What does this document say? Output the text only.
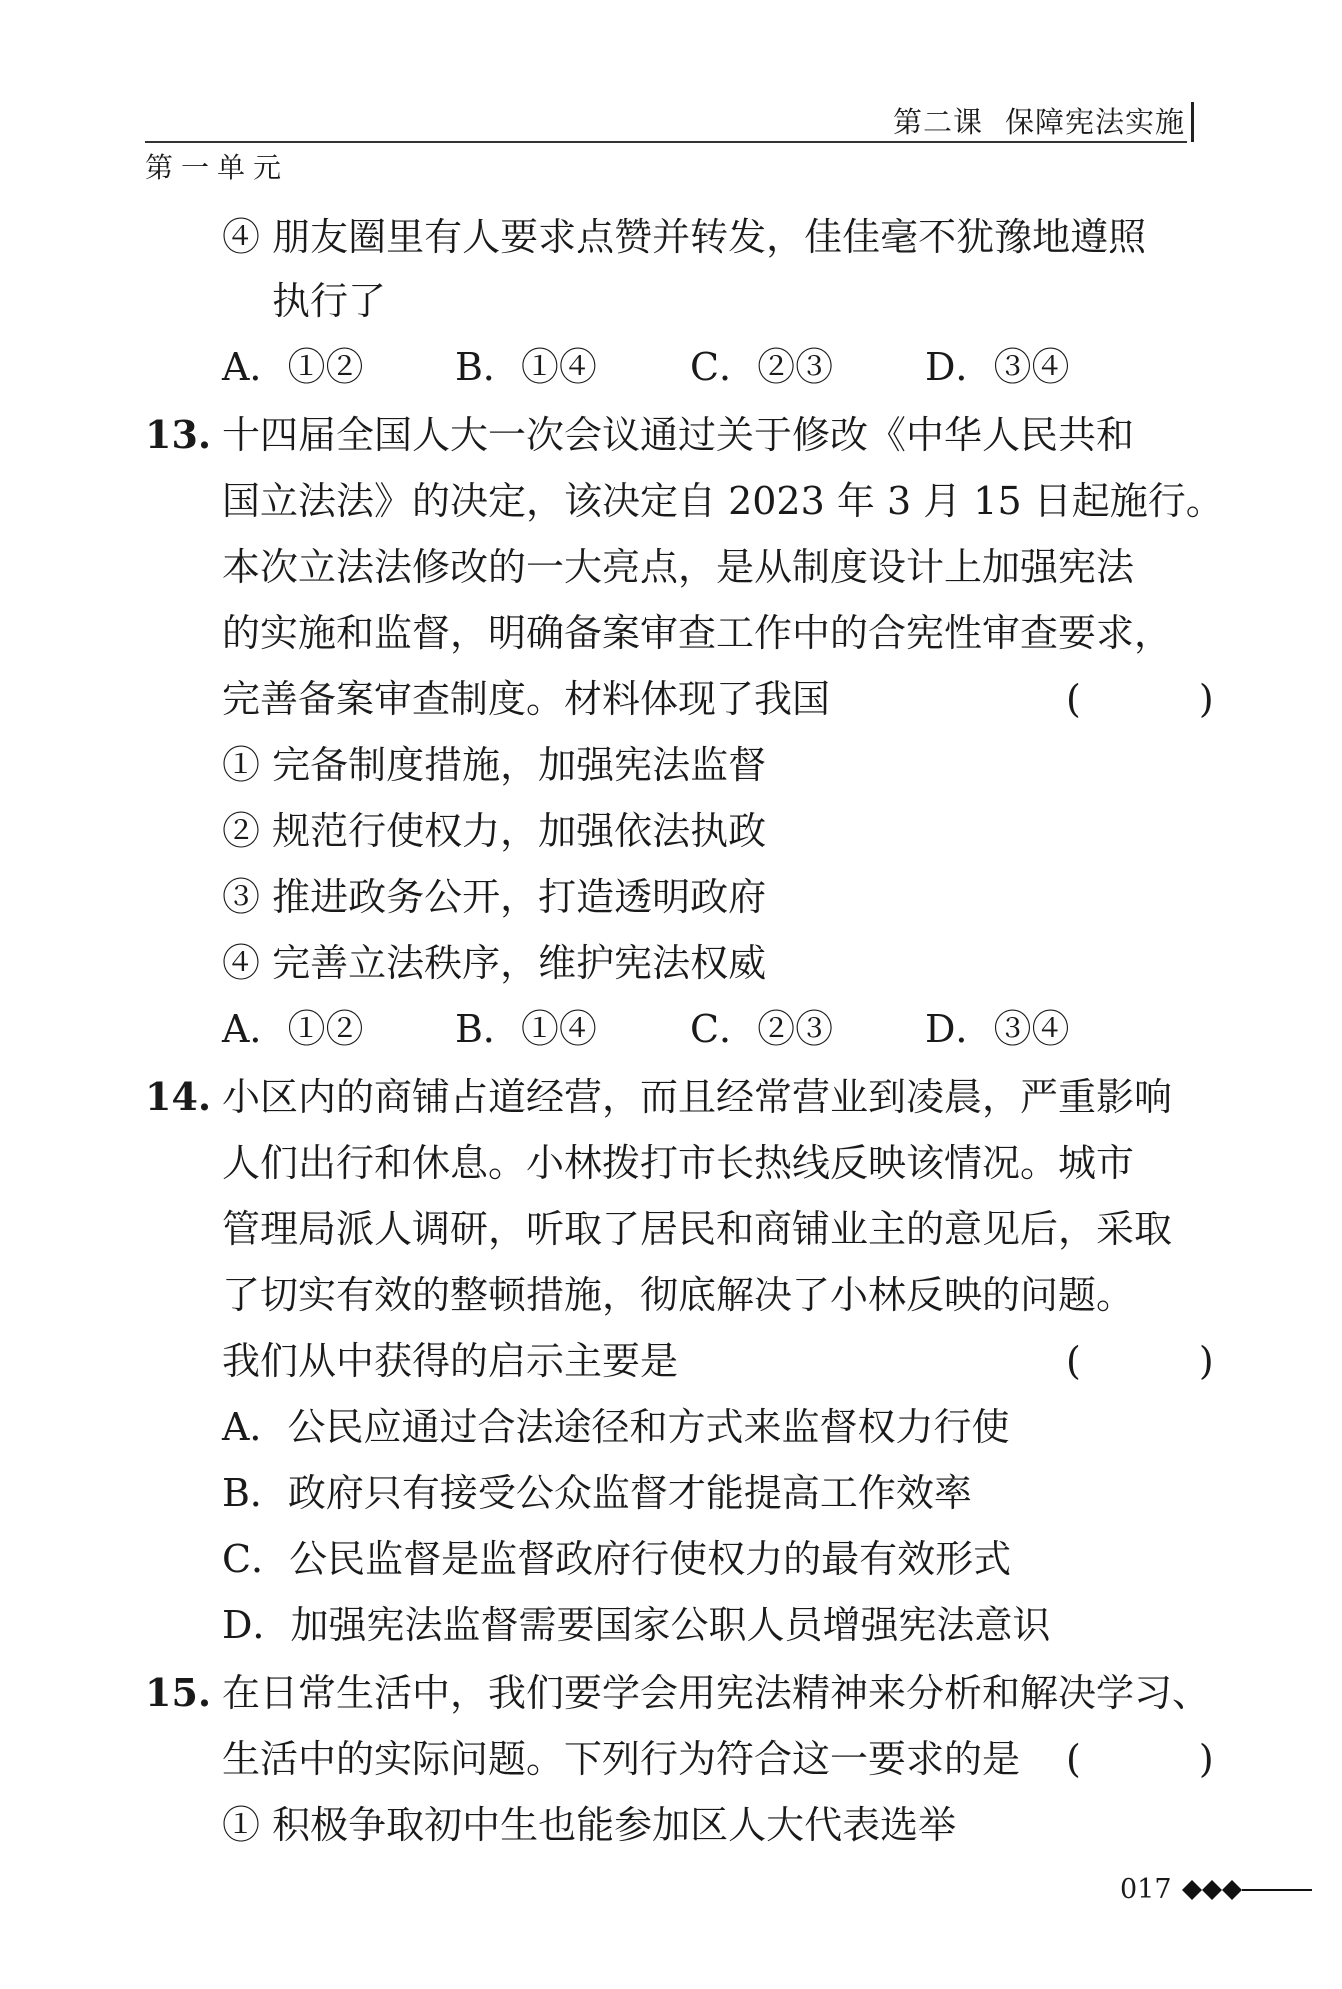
第二课 保障宪法实施
第一单元
④ 朋友圈里有人要求点赞并转发，佳佳毫不犹豫地遵照
执行了
A．①② B．①④ C．②③ D．③④
13. 十四届全国人大一次会议通过关于修改《中华人民共和
国立法法》的决定，该决定自 2023 年 3 月 15 日起施行。
本次立法法修改的一大亮点，是从制度设计上加强宪法
的实施和监督，明确备案审查工作中的合宪性审查要求，
完善备案审查制度。材料体现了我国	(　)
① 完备制度措施，加强宪法监督
② 规范行使权力，加强依法执政
③ 推进政务公开，打造透明政府
④ 完善立法秩序，维护宪法权威
A．①② B．①④ C．②③ D．③④
14. 小区内的商铺占道经营，而且经常营业到凌晨，严重影响
人们出行和休息。小林拨打市长热线反映该情况。城市
管理局派人调研，听取了居民和商铺业主的意见后，采取
了切实有效的整顿措施，彻底解决了小林反映的问题。
我们从中获得的启示主要是	(　)
A．公民应通过合法途径和方式来监督权力行使
B．政府只有接受公众监督才能提高工作效率
C．公民监督是监督政府行使权力的最有效形式
D．加强宪法监督需要国家公职人员增强宪法意识
15. 在日常生活中，我们要学会用宪法精神来分析和解决学习、
生活中的实际问题。下列行为符合这一要求的是 (　)
① 积极争取初中生也能参加区人大代表选举
017
